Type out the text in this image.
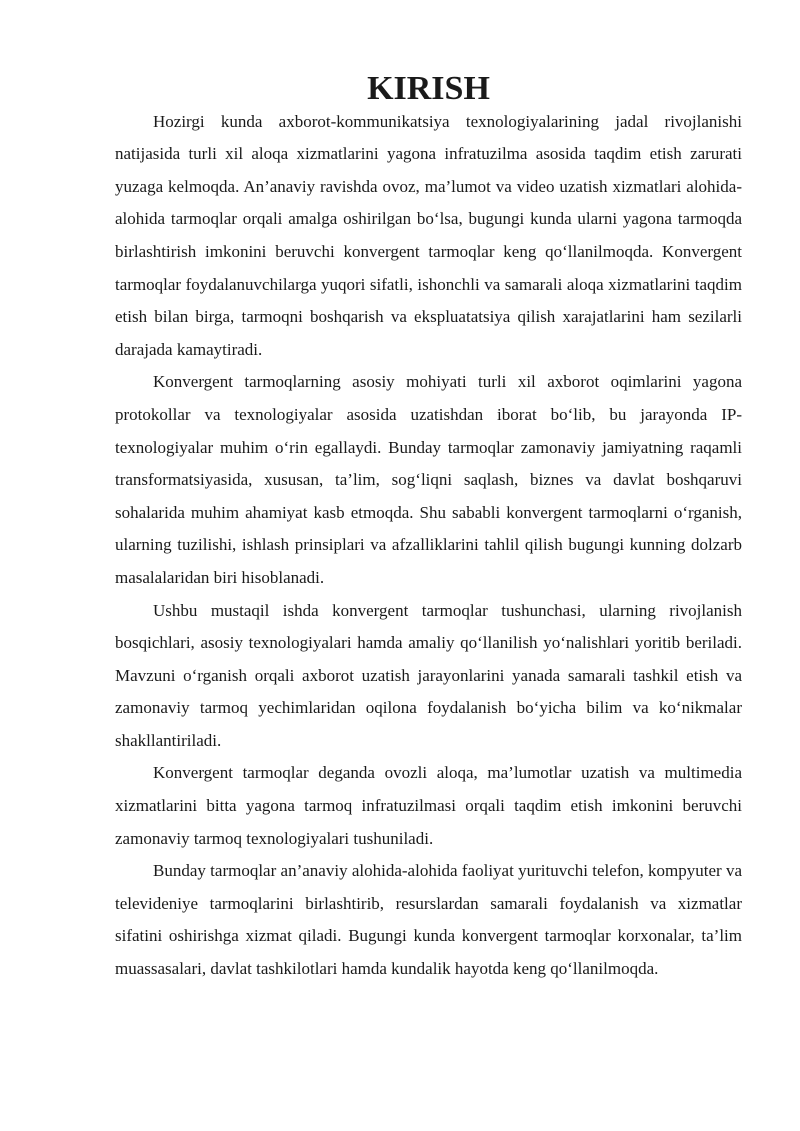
KIRISH

Hozirgi kunda axborot-kommunikatsiya texnologiyalarining jadal rivojlanishi natijasida turli xil aloqa xizmatlarini yagona infratuzilma asosida taqdim etish zarurati yuzaga kelmoqda. An’anaviy ravishda ovoz, ma’lumot va video uzatish xizmatlari alohida-alohida tarmoqlar orqali amalga oshirilgan bo‘lsa, bugungi kunda ularni yagona tarmoqda birlashtirish imkonini beruvchi konvergent tarmoqlar keng qo‘llanilmoqda. Konvergent tarmoqlar foydalanuvchilarga yuqori sifatli, ishonchli va samarali aloqa xizmatlarini taqdim etish bilan birga, tarmoqni boshqarish va ekspluatatsiya qilish xarajatlarini ham sezilarli darajada kamaytiradi.

Konvergent tarmoqlarning asosiy mohiyati turli xil axborot oqimlarini yagona protokollar va texnologiyalar asosida uzatishdan iborat bo‘lib, bu jarayonda IP-texnologiyalar muhim o‘rin egallaydi. Bunday tarmoqlar zamonaviy jamiyatning raqamli transformatsiyasida, xususan, ta’lim, sog‘liqni saqlash, biznes va davlat boshqaruvi sohalarida muhim ahamiyat kasb etmoqda. Shu sababli konvergent tarmoqlarni o‘rganish, ularning tuzilishi, ishlash prinsiplari va afzalliklarini tahlil qilish bugungi kunning dolzarb masalalaridan biri hisoblanadi.

Ushbu mustaqil ishda konvergent tarmoqlar tushunchasi, ularning rivojlanish bosqichlari, asosiy texnologiyalari hamda amaliy qo‘llanilish yo‘nalishlari yoritib beriladi. Mavzuni o‘rganish orqali axborot uzatish jarayonlarini yanada samarali tashkil etish va zamonaviy tarmoq yechimlaridan oqilona foydalanish bo‘yicha bilim va ko‘nikmalar shakllantiriladi.

Konvergent tarmoqlar deganda ovozli aloqa, ma’lumotlar uzatish va multimedia xizmatlarini bitta yagona tarmoq infratuzilmasi orqali taqdim etish imkonini beruvchi zamonaviy tarmoq texnologiyalari tushuniladi.

Bunday tarmoqlar an’anaviy alohida-alohida faoliyat yurituvchi telefon, kompyuter va televideniye tarmoqlarini birlashtirib, resurslardan samarali foydalanish va xizmatlar sifatini oshirishga xizmat qiladi. Bugungi kunda konvergent tarmoqlar korxonalar, ta’lim muassasalari, davlat tashkilotlari hamda kundalik hayotda keng qo‘llanilmoqda.
